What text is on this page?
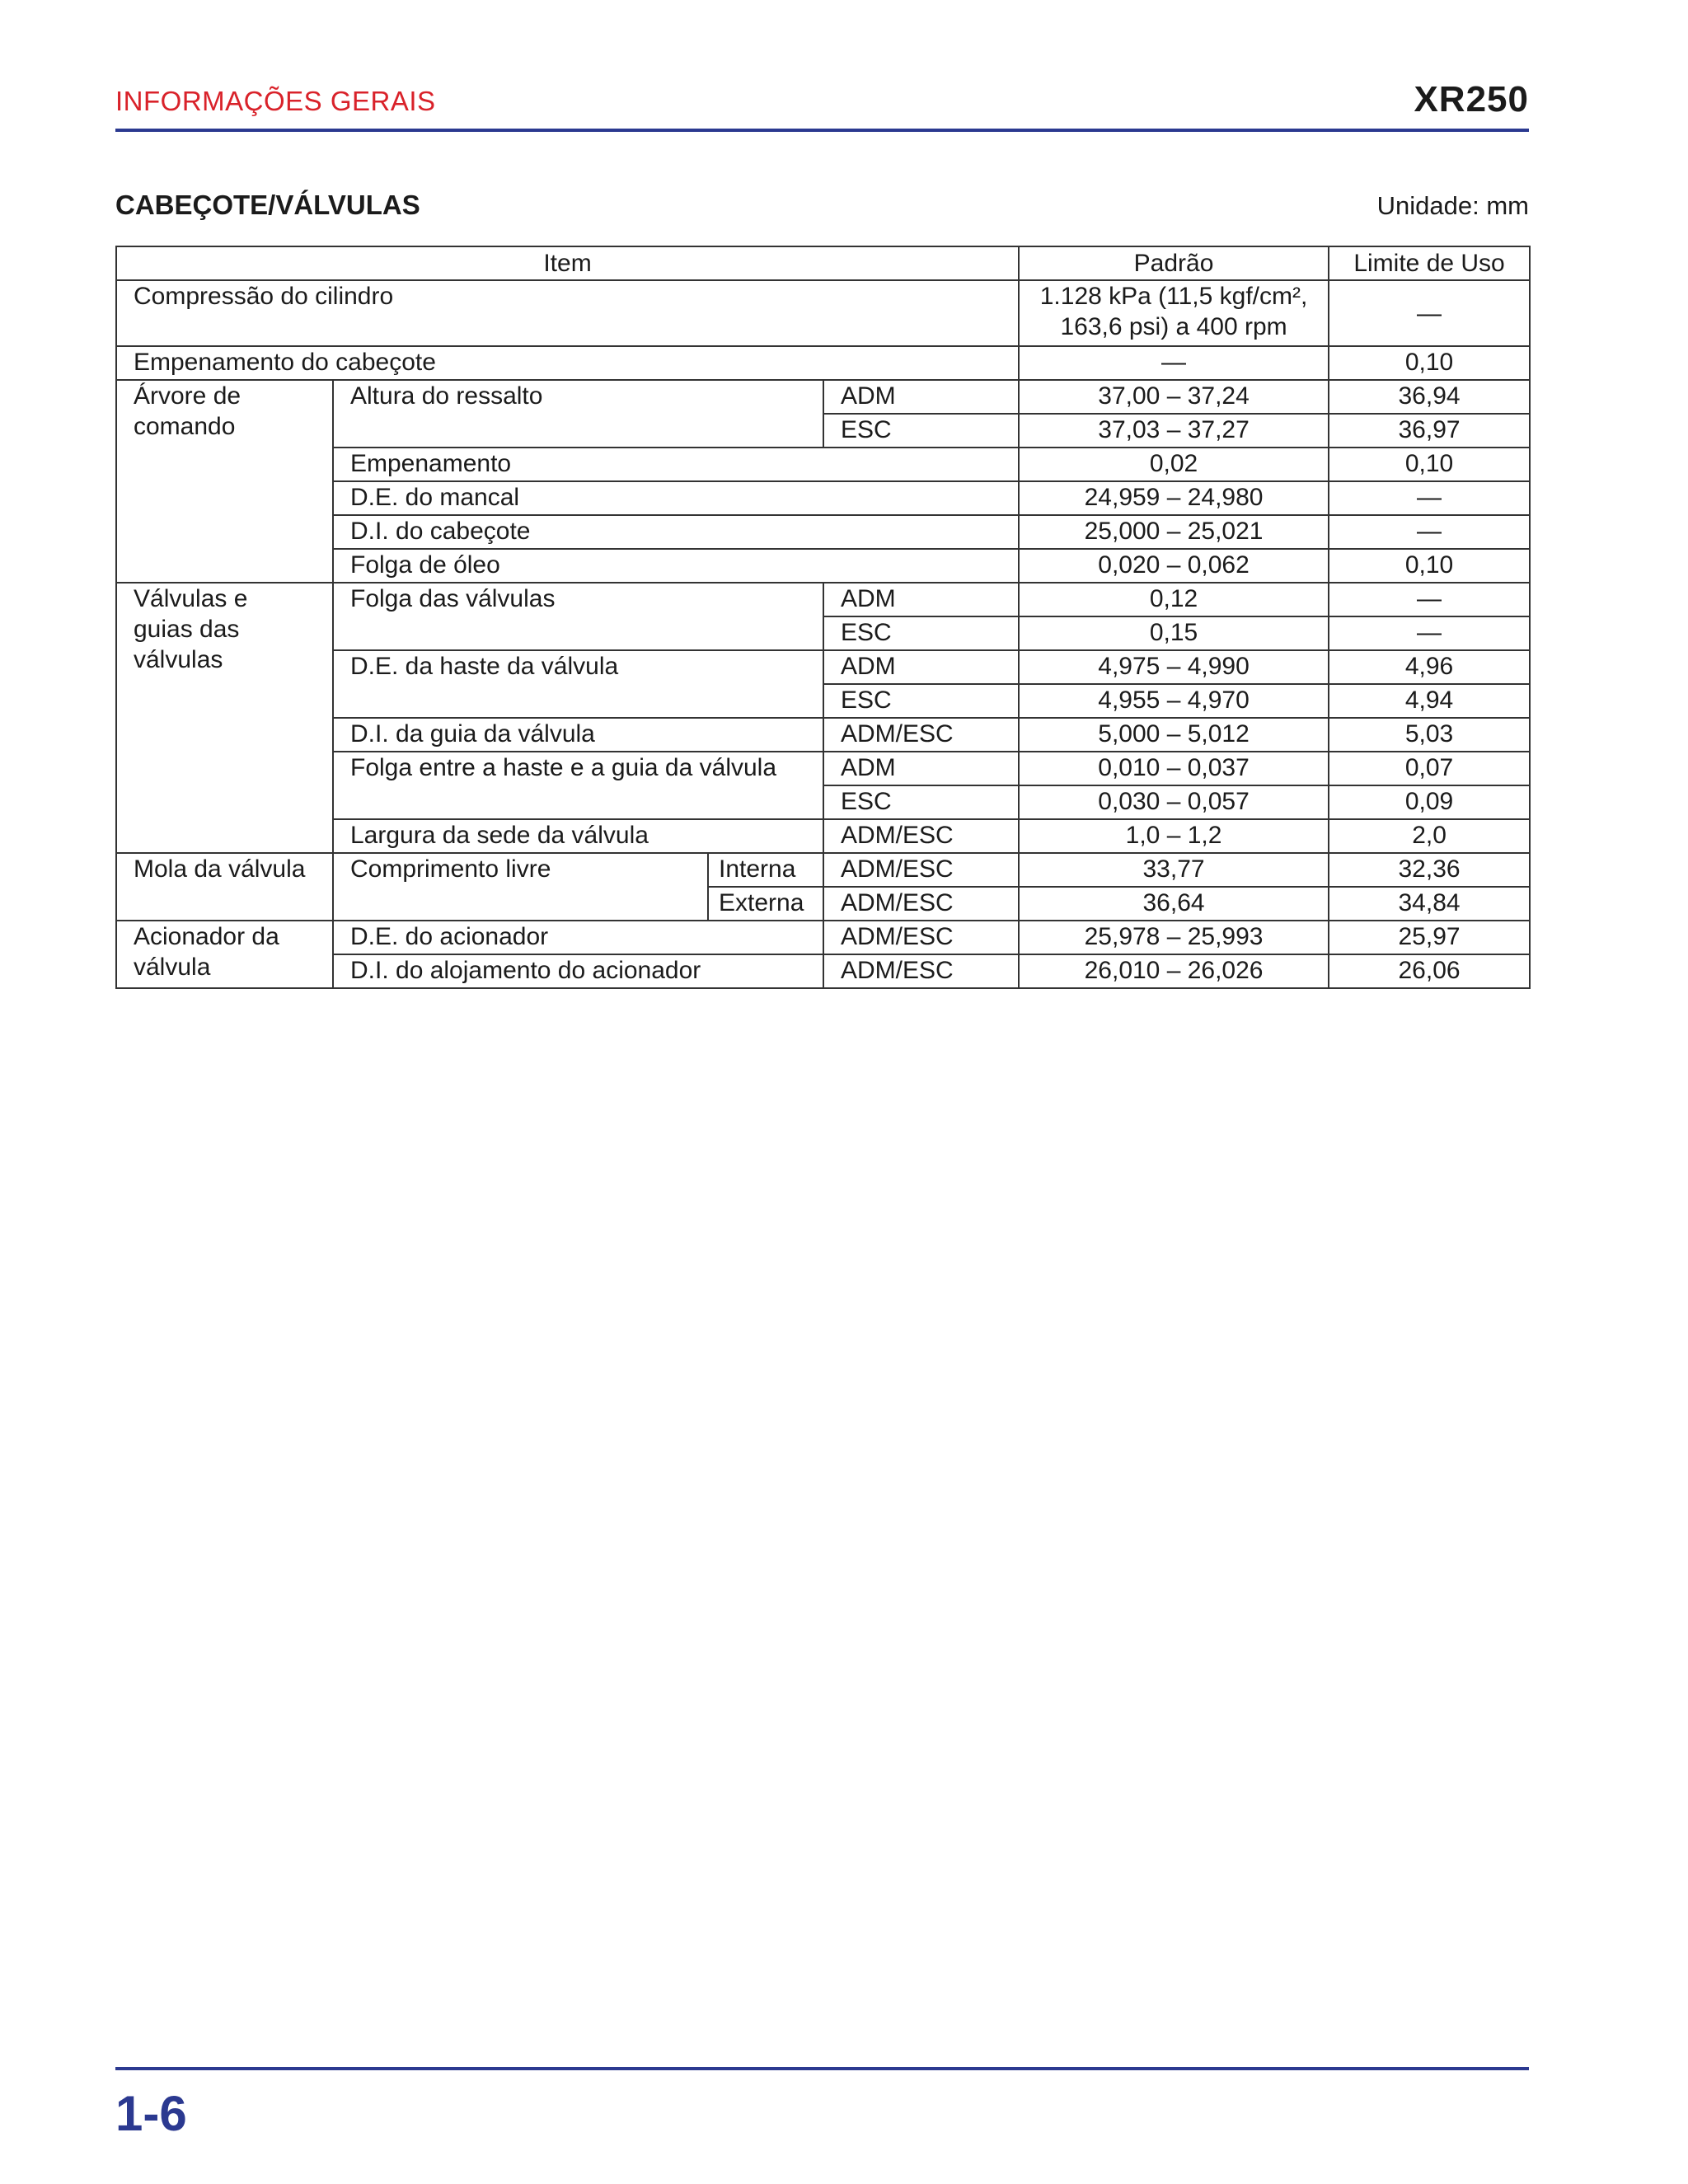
INFORMAÇÕES GERAIS	XR250
CABEÇOTE/VÁLVULAS	Unidade: mm
Item				Padrão	Limite de Uso
Compressão do cilindro				1.128 kPa (11,5 kgf/cm²,
163,6 psi) a 400 rpm	—
Empenamento do cabeçote				—	0,10

Árvore de
comando	Altura do ressalto		ADM	37,00 – 37,24	36,94
			ESC	37,03 – 37,27	36,97
	Empenamento			0,02	0,10
	D.E. do mancal			24,959 – 24,980	—
	D.I. do cabeçote			25,000 – 25,021	—
	Folga de óleo			0,020 – 0,062	0,10

Válvulas e
guias das
válvulas	Folga das válvulas		ADM	0,12	—
			ESC	0,15	—
	D.E. da haste da válvula		ADM	4,975 – 4,990	4,96
			ESC	4,955 – 4,970	4,94
	D.I. da guia da válvula		ADM/ESC	5,000 – 5,012	5,03
	Folga entre a haste e a guia da válvula		ADM	0,010 – 0,037	0,07
			ESC	0,030 – 0,057	0,09
	Largura da sede da válvula		ADM/ESC	1,0 – 1,2	2,0
Mola da válvula	Comprimento livre	Interna	ADM/ESC	33,77	32,36
		Externa	ADM/ESC	36,64	34,84

Acionador da
válvula	D.E. do acionador		ADM/ESC	25,978 – 25,993	25,97
	D.I. do alojamento do acionador		ADM/ESC	26,010 – 26,026	26,06
1-6
